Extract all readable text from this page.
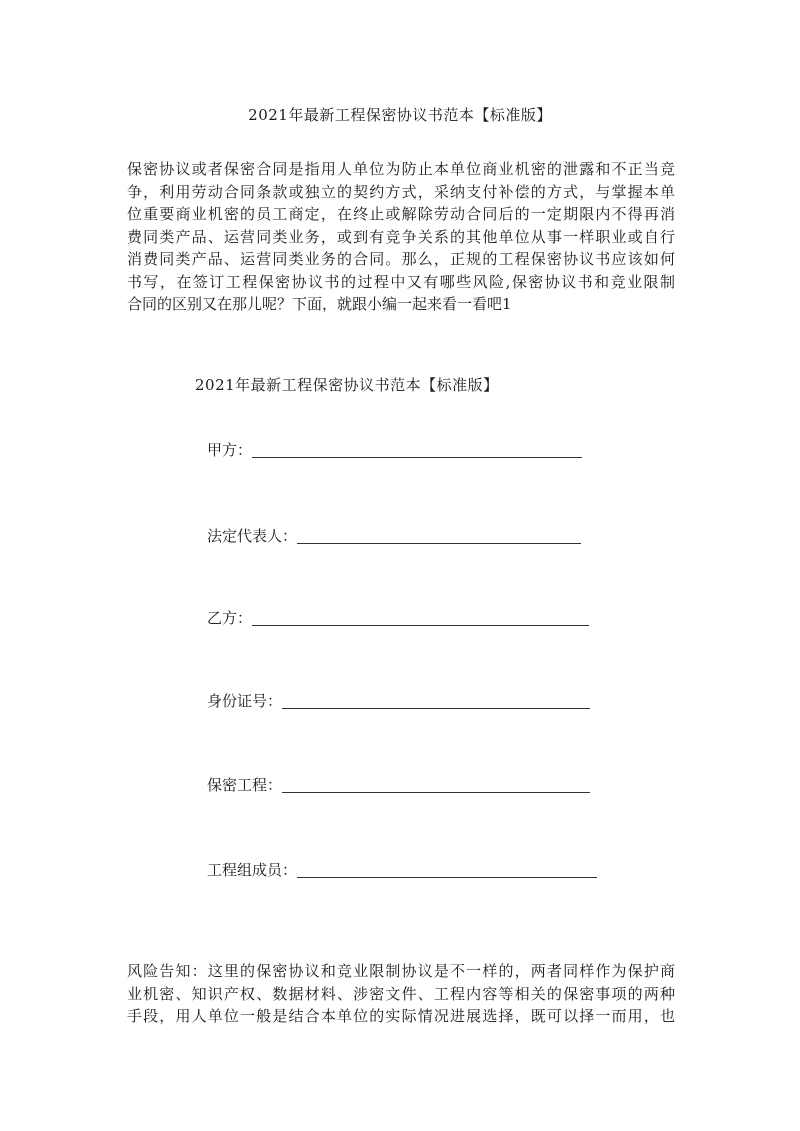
2021年最新工程保密协议书范本【标准版】
保密协议或者保密合同是指用人单位为防止本单位商业机密的泄露和不正当竞
争，利用劳动合同条款或独立的契约方式，采纳支付补偿的方式，与掌握本单
位重要商业机密的员工商定，在终止或解除劳动合同后的一定期限内不得再消
费同类产品、运营同类业务，或到有竞争关系的其他单位从事一样职业或自行
消费同类产品、运营同类业务的合同。那么，正规的工程保密协议书应该如何
书写，在签订工程保密协议书的过程中又有哪些风险,保密协议书和竞业限制
合同的区别又在那儿呢？下面，就跟小编一起来看一看吧1
2021年最新工程保密协议书范本【标准版】
甲方：
法定代表人：
乙方：
身份证号：
保密工程：
工程组成员：
风险告知：这里的保密协议和竞业限制协议是不一样的，两者同样作为保护商
业机密、知识产权、数据材料、涉密文件、工程内容等相关的保密事项的两种
手段，用人单位一般是结合本单位的实际情况进展选择，既可以择一而用，也
